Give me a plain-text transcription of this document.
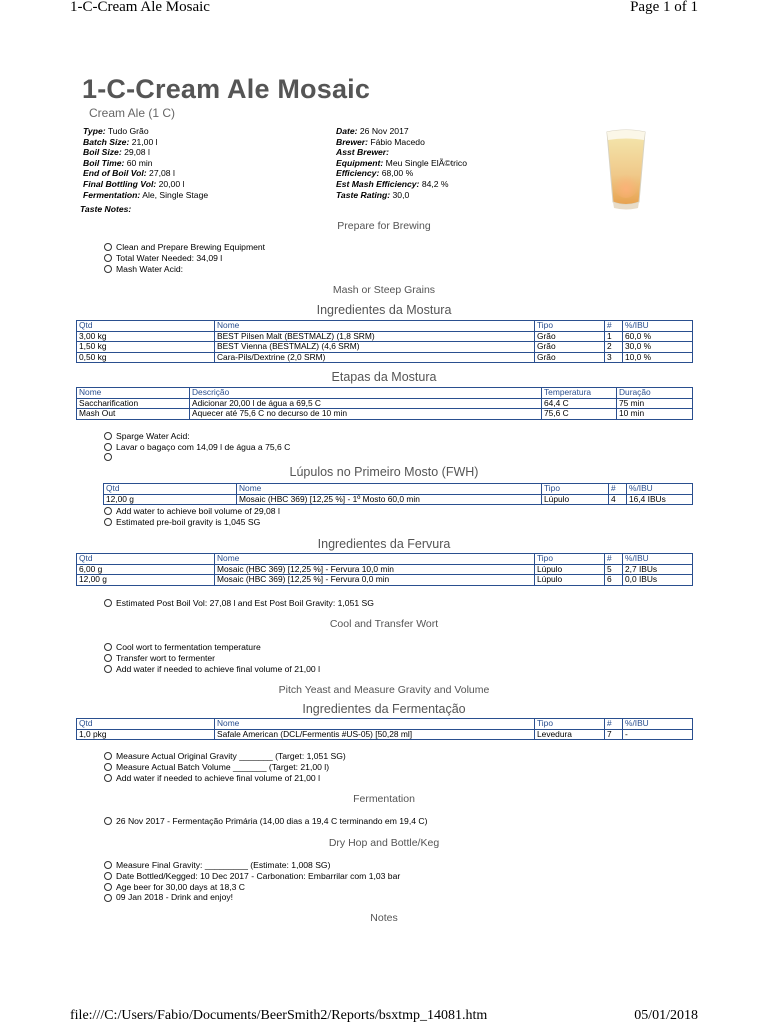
1-C-Cream Ale Mosaic	Page 1 of 1
file:///C:/Users/Fabio/Documents/BeerSmith2/Reports/bsxtmp_14081.htm	05/01/2018
1-C-Cream Ale Mosaic
Cream Ale (1 C)
Type: Tudo Grão
Batch Size: 21,00 l
Boil Size: 29,08 l
Boil Time: 60 min
End of Boil Vol: 27,08 l
Final Bottling Vol: 20,00 l
Fermentation: Ale, Single Stage
Date: 26 Nov 2017
Brewer: Fábio Macedo
Asst Brewer:
Equipment: Meu Single ElÃ©trico
Efficiency: 68,00 %
Est Mash Efficiency: 84,2 %
Taste Rating: 30,0
Taste Notes:
Prepare for Brewing
Clean and Prepare Brewing Equipment
Total Water Needed: 34,09 l
Mash Water Acid:
Mash or Steep Grains
Ingredientes da Mostura
Qtd	Nome	Tipo	#	%/IBU
3,00 kg	BEST Pilsen Malt (BESTMALZ) (1,8 SRM)	Grão	1	60,0 %
1,50 kg	BEST Vienna (BESTMALZ) (4,6 SRM)	Grão	2	30,0 %
0,50 kg	Cara-Pils/Dextrine (2,0 SRM)	Grão	3	10,0 %
Etapas da Mostura
Nome	Descrição	Temperatura	Duração
Saccharification	Adicionar 20,00 l de água a 69,5 C	64,4 C	75 min
Mash Out	Aquecer até 75,6 C no decurso de 10 min	75,6 C	10 min
Sparge Water Acid:
Lavar o bagaço com 14,09 l de água a 75,6 C
Lúpulos no Primeiro Mosto (FWH)
Qtd	Nome	Tipo	#	%/IBU
12,00 g	Mosaic (HBC 369) [12,25 %] - 1º Mosto 60,0 min	Lúpulo	4	16,4 IBUs
Add water to achieve boil volume of 29,08 l
Estimated pre-boil gravity is 1,045 SG
Ingredientes da Fervura
Qtd	Nome	Tipo	#	%/IBU
6,00 g	Mosaic (HBC 369) [12,25 %] - Fervura 10,0 min	Lúpulo	5	2,7 IBUs
12,00 g	Mosaic (HBC 369) [12,25 %] - Fervura 0,0 min	Lúpulo	6	0,0 IBUs
Estimated Post Boil Vol: 27,08 l and Est Post Boil Gravity: 1,051 SG
Cool and Transfer Wort
Cool wort to fermentation temperature
Transfer wort to fermenter
Add water if needed to achieve final volume of 21,00 l
Pitch Yeast and Measure Gravity and Volume
Ingredientes da Fermentação
Qtd	Nome	Tipo	#	%/IBU
1,0 pkg	Safale American (DCL/Fermentis #US-05) [50,28 ml]	Levedura	7	-
Measure Actual Original Gravity _______ (Target: 1,051 SG)
Measure Actual Batch Volume _______ (Target: 21,00 l)
Add water if needed to achieve final volume of 21,00 l
Fermentation
26 Nov 2017 - Fermentação Primária (14,00 dias a 19,4 C terminando em 19,4 C)
Dry Hop and Bottle/Keg
Measure Final Gravity: _________ (Estimate: 1,008 SG)
Date Bottled/Kegged: 10 Dec 2017 - Carbonation: Embarrilar com 1,03 bar
Age beer for 30,00 days at 18,3 C
09 Jan 2018 - Drink and enjoy!
Notes
